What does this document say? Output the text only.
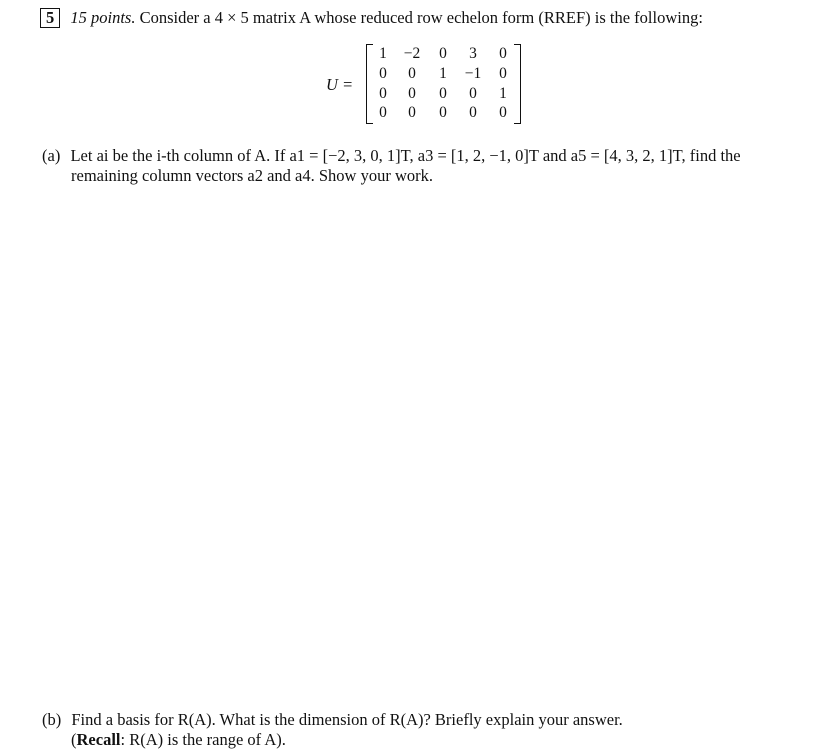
5 15 points. Consider a 4 × 5 matrix A whose reduced row echelon form (RREF) is the following:
U =
1	−2	0	3	0
0	0	1	−1	0
0	0	0	0	1
0	0	0	0	0
(a) Let ai be the i-th column of A. If a1 = [−2, 3, 0, 1]T, a3 = [1, 2, −1, 0]T and a5 = [4, 3, 2, 1]T, find the
remaining column vectors a2 and a4. Show your work.
(b) Find a basis for R(A). What is the dimension of R(A)? Briefly explain your answer.
(Recall: R(A) is the range of A).
